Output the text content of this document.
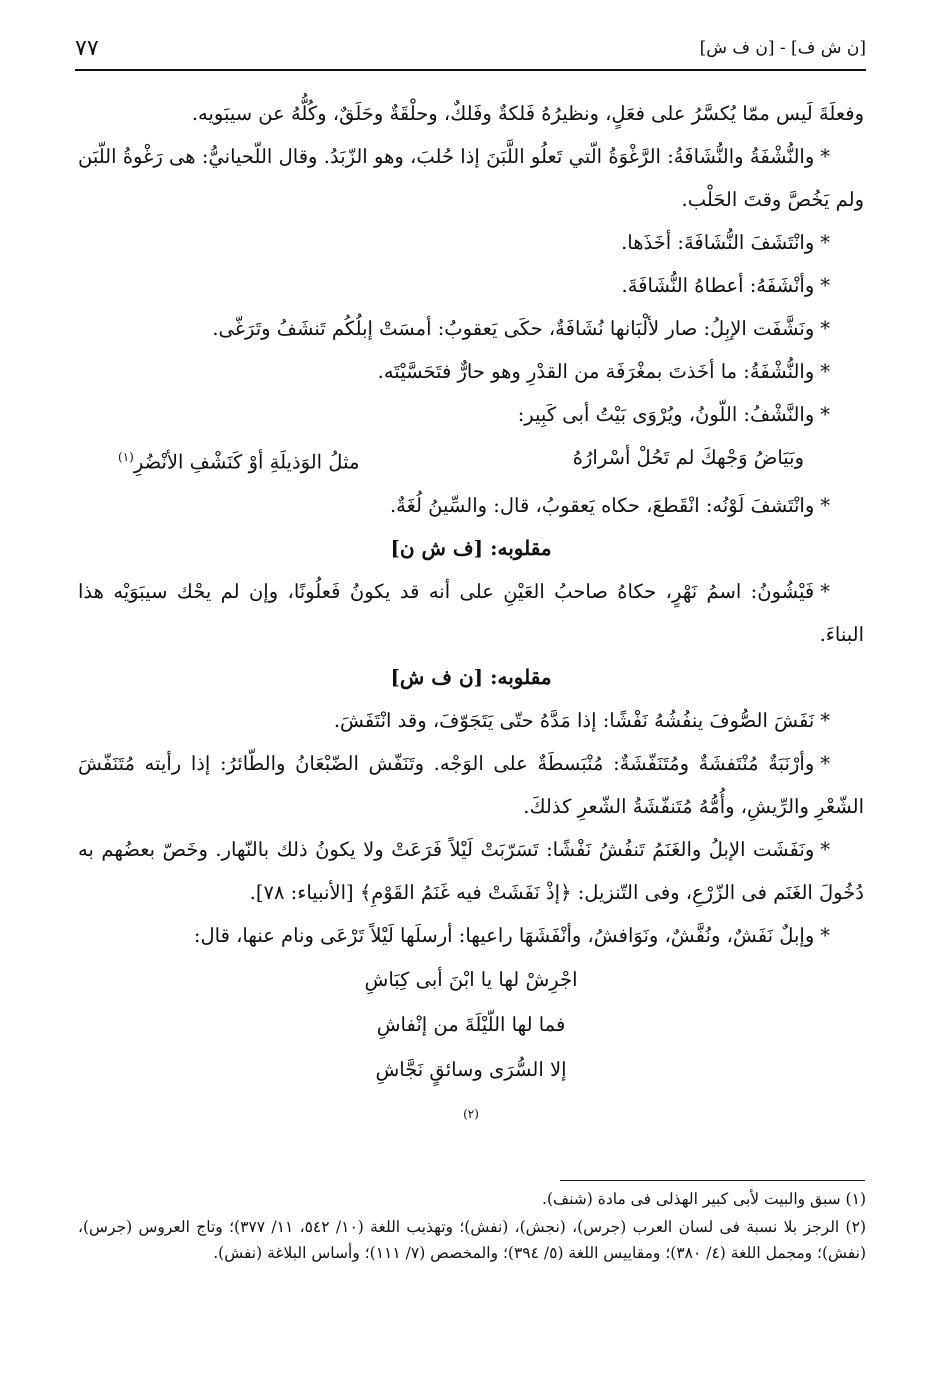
[ن ش ف] - [ن ف ش]
٧٧

وفعلَةَ لَيس ممّا يُكسَّرُ على فعَلٍ، ونظيرُهُ فَلكةٌ وفَلكٌ، وحلْقَةٌ وحَلَقٌ، وكُلُّهُ عن سيبَويه.

*والنُّشْفَةُ والنُّشَافَةُ: الرَّغْوَةُ الّتي تَعلُو اللَّبَنَ إذا حُلبَ، وهو الزّبَدُ. وقال اللّحيانيُّ: هى رَغْوةُ اللّبَن ولم يَخُصَّ وقتَ الحَلْب.

*وانْتَشَفَ النُّشَافَةَ: أخَذَها.

*وأنْشَفَهُ: أعطاهُ النُّشَافَةَ.

*ونَشَّفَت الإبِلُ: صار لألْبَانها نُشَافَةٌ، حكَى يَعقوبُ: أمسَتْ إبلُكُم تَنشَفُ وتَرَغّى.

*والنُّشْفَةُ: ما أخَذتَ بمغْرَفَة من القدْرِ وهو حارٌّ فتَحَسَّيْتَه.

*والنَّشْفُ: اللّونُ، ويُرْوَى بَيْتُ أبى كَبِير:

وبَيَاضُ وَجْهكَ لم تَحُلْ أسْرارُهُ
مثلُ الوَذيلَةِ أوْ كَنَشْفِ الأنْضُرِ$^{(١)}$

*وانْتَشفَ لَوْنُه: انْقَطعَ، حكاه يَعقوبُ، قال: والسِّينُ لُغَةٌ.

مقلوبه: [ف ش ن]

*فَيْشُونُ: اسمُ نَهْرٍ، حكاهُ صاحبُ العَيْنِ على أنه قد يكونُ فَعلُونًا، وإن لم يحْك سيبَوَيْه هذا البناءَ.

مقلوبه: [ن ف ش]

*نَفَشَ الصُّوفَ ينفُشُهُ نَفْشًا: إذا مَدَّهُ حتّى يَتَجَوّفَ، وقد انْتَفَشَ.

*وأرْنَبَةٌ مُنْتَفشَةٌ ومُتَنَفّشَةٌ: مُنْبَسطَةٌ على الوَجْه. وتَنَفّش الضّبْعَانُ والطّائرُ: إذا رأيته مُتَنَفّشَ الشّعْرِ والرِّيشِ، وأُمُّهُ مُتَنفّشَةُ الشّعرِ كذلكَ.

*ونَفَشَت الإبلُ والغَنَمُ تَنفُشُ نَفْشًا: تَسَرّبَتْ لَيْلاً فَرَعَتْ ولا يكونُ ذلك بالنّهار. وخَصّ بعضُهم به دُخُولَ الغَنَم فى الزّرْعِ، وفى التّنزيل: ﴿إذْ نَفَشَتْ فيه غَنَمُ القَوْمِ﴾ [الأنبياء: ٧٨].

*وإبلٌ نَفَشٌ، ونُفَّشٌ، ونَوَافشُ، وأنْفَشَهَا راعيها: أرسلَها لَيْلاً تَرْعَى ونام عنها، قال:

اجْرِشْ لها يا ابْنَ أبى كِبَاشِ
فما لها اللّيْلَةَ من إنْفاشِ
إلا السُّرَى وسائقٍ نَجَّاشِ
$^{(٢)}$

(١) سبق والبيت لأبى كبير الهذلى فى مادة (شنف).

(٢) الرجز بلا نسبة فى لسان العرب (جرس)، (نجش)، (نفش)؛ وتهذيب اللغة (١٠/ ٥٤٢، ١١/ ٣٧٧)؛ وتاج العروس (جرس)، (نفش)؛ ومجمل اللغة (٤/ ٣٨٠)؛ ومقاييس اللغة (٥/ ٣٩٤)؛ والمخصص (٧/ ١١١)؛ وأساس البلاغة (نفش).
